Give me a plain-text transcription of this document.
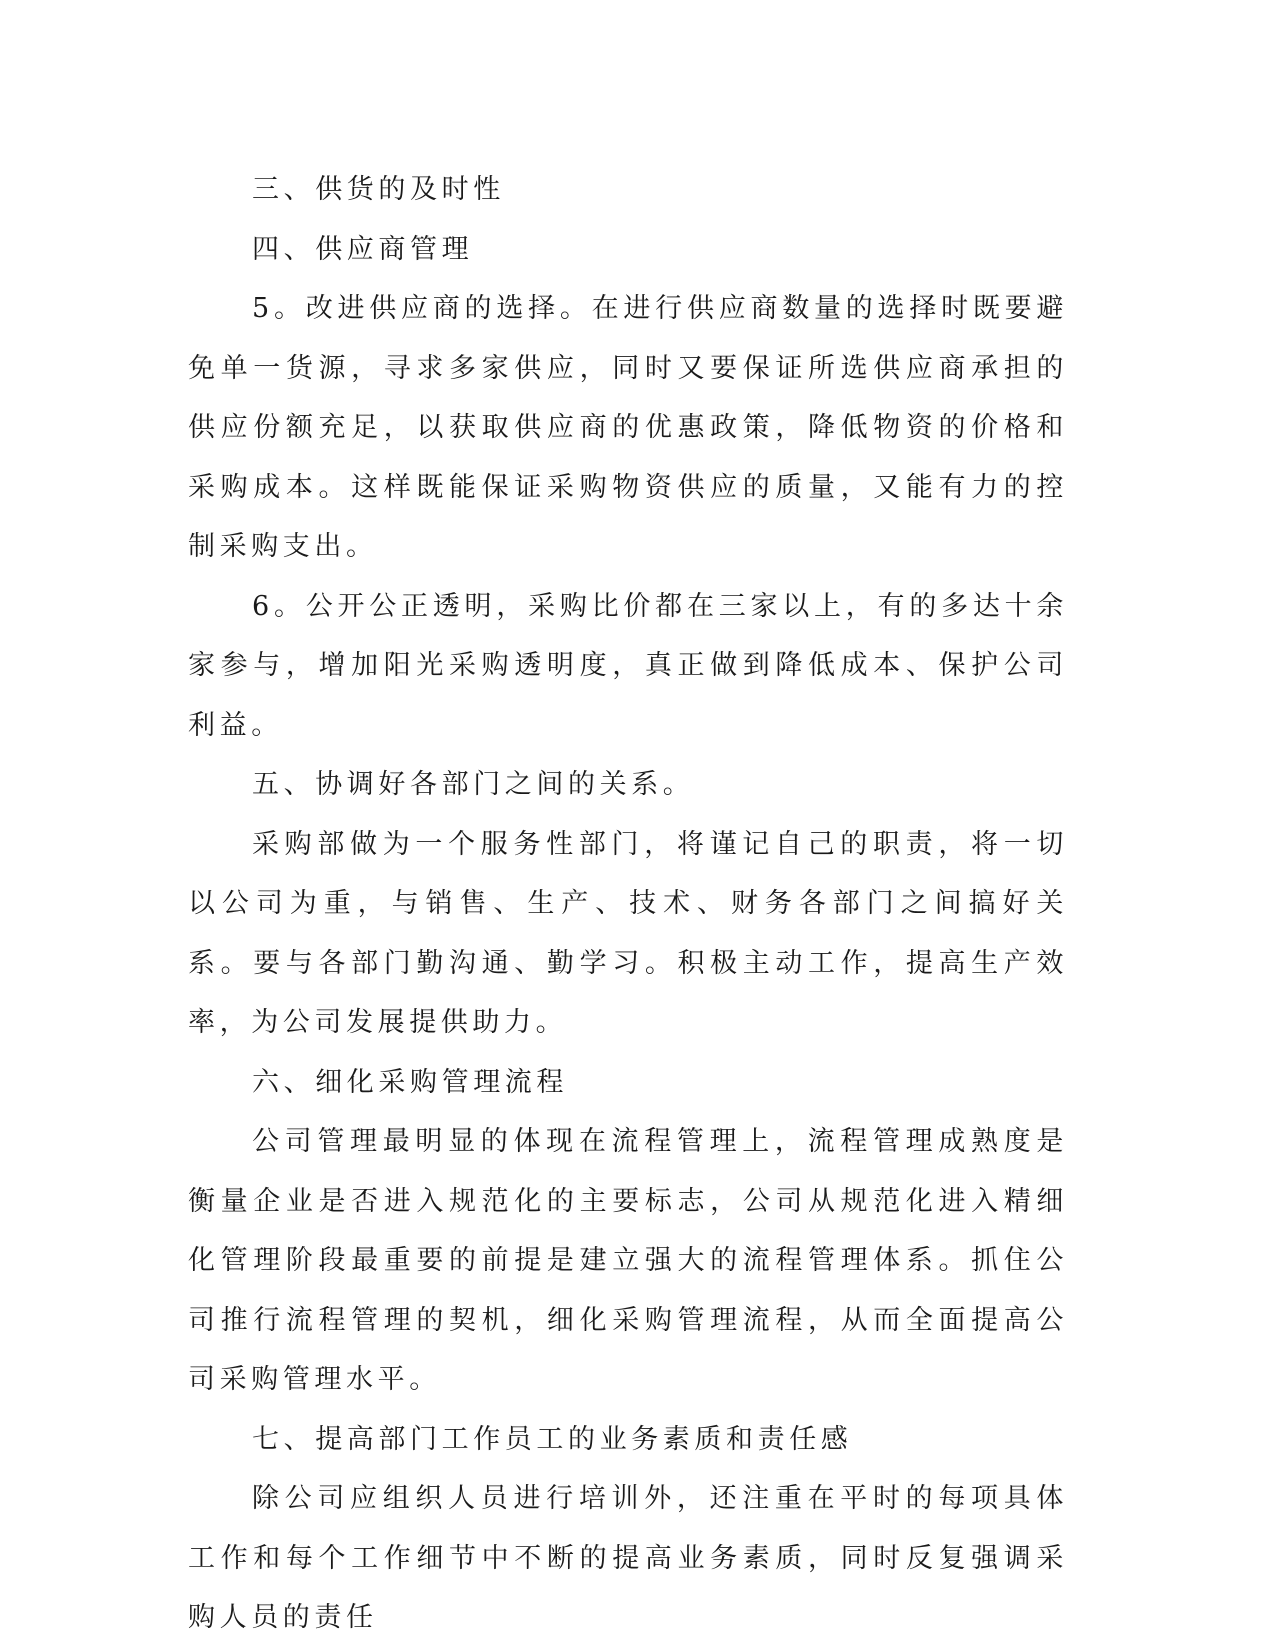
三、供货的及时性

四、供应商管理

5。改进供应商的选择。在进行供应商数量的选择时既要避免单一货源，寻求多家供应，同时又要保证所选供应商承担的供应份额充足，以获取供应商的优惠政策，降低物资的价格和采购成本。这样既能保证采购物资供应的质量，又能有力的控制采购支出。

6。公开公正透明，采购比价都在三家以上，有的多达十余家参与，增加阳光采购透明度，真正做到降低成本、保护公司利益。

五、协调好各部门之间的关系。

采购部做为一个服务性部门，将谨记自己的职责，将一切以公司为重，与销售、生产、技术、财务各部门之间搞好关系。要与各部门勤沟通、勤学习。积极主动工作，提高生产效率，为公司发展提供助力。

六、细化采购管理流程

公司管理最明显的体现在流程管理上，流程管理成熟度是衡量企业是否进入规范化的主要标志，公司从规范化进入精细化管理阶段最重要的前提是建立强大的流程管理体系。抓住公司推行流程管理的契机，细化采购管理流程，从而全面提高公司采购管理水平。

七、提高部门工作员工的业务素质和责任感

除公司应组织人员进行培训外，还注重在平时的每项具体工作和每个工作细节中不断的提高业务素质，同时反复强调采购人员的责任
